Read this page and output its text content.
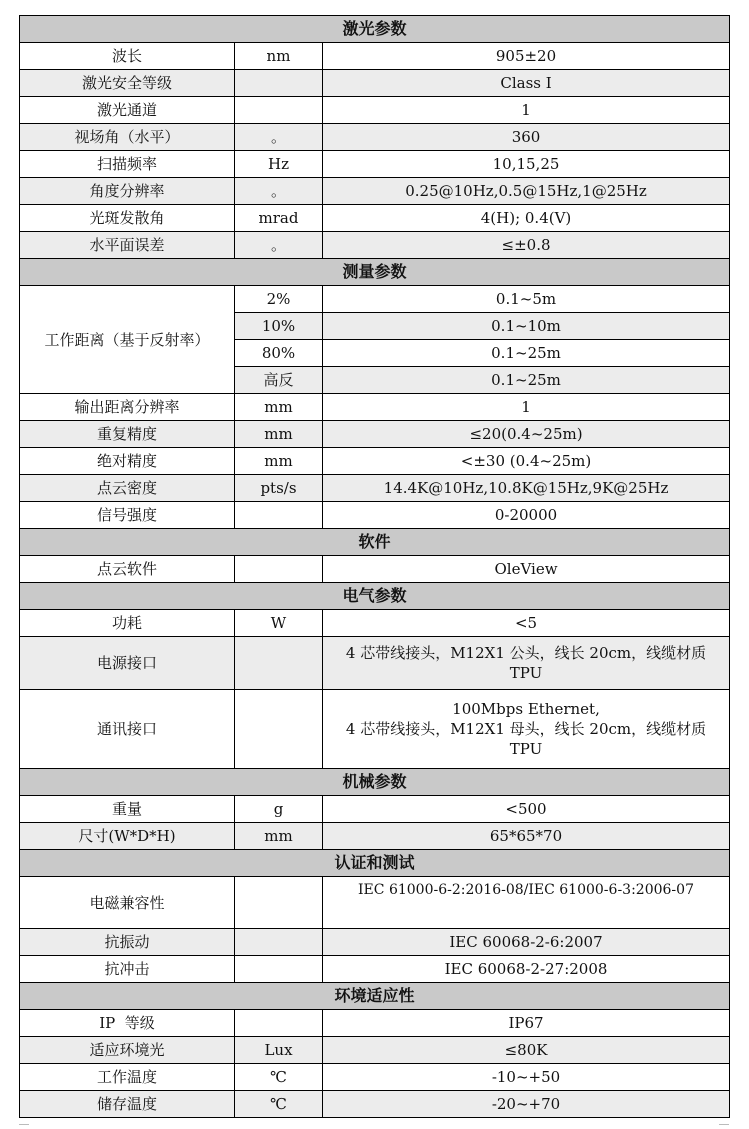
激光参数		
波长	nm	905±20
激光安全等级		Class I
激光通道		1
视场角（水平）	。	360
扫描频率	Hz	10,15,25
角度分辨率	。	0.25@10Hz,0.5@15Hz,1@25Hz
光斑发散角	mrad	4(H); 0.4(V)
水平面误差	。	≤±0.8
测量参数		
工作距离（基于反射率）	2%	0.1~5m
	10%	0.1~10m
	80%	0.1~25m
	高反	0.1~25m
输出距离分辨率	mm	1
重复精度	mm	≤20(0.4~25m)
绝对精度	mm	<±30 (0.4~25m)
点云密度	pts/s	14.4K@10Hz,10.8K@15Hz,9K@25Hz
信号强度		0-20000
软件		
点云软件		OleView
电气参数		
功耗	W	<5
电源接口		4 芯带线接头，M12X1 公头，线长 20cm，线缆材质
TPU

通讯接口		100Mbps Ethernet,
4 芯带线接头，M12X1 母头，线长 20cm，线缆材质
TPU

机械参数		
重量	g	<500
尺寸(W*D*H)	mm	65*65*70
认证和测试		
电磁兼容性		IEC 61000-6-2:2016-08/IEC 61000-6-3:2006-07
抗振动		IEC 60068-2-6:2007
抗冲击		IEC 60068-2-27:2008
环境适应性		
IP  等级		IP67
适应环境光	Lux	≤80K
工作温度	℃	-10~+50
储存温度	℃	-20~+70
